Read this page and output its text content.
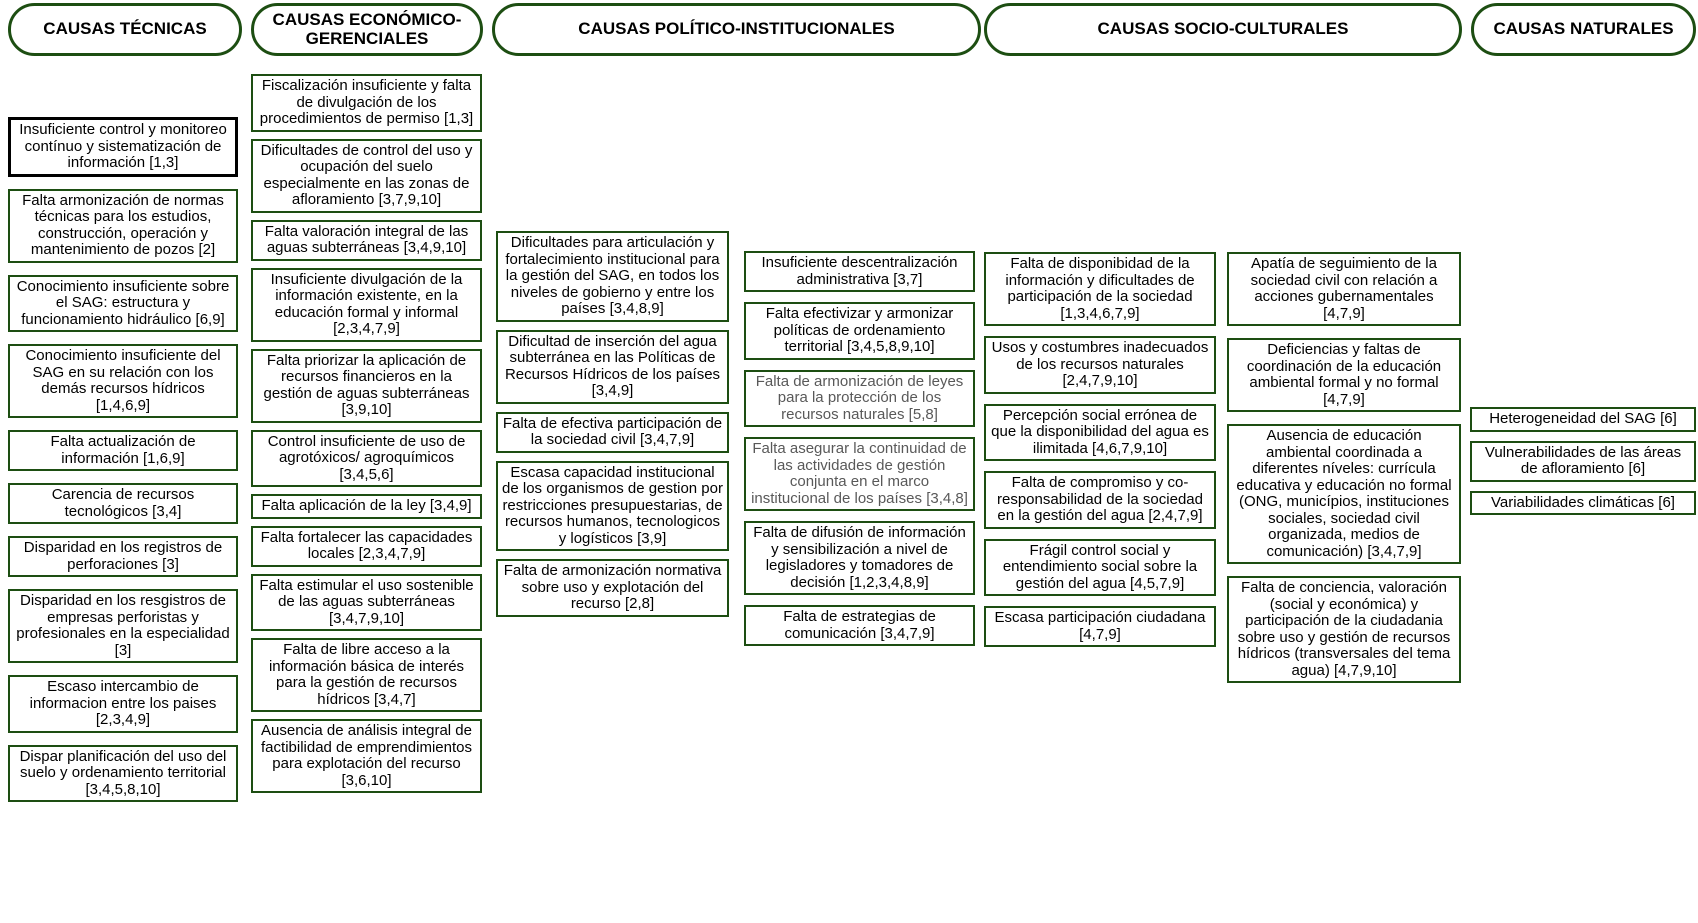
CAUSAS TÉCNICAS	CAUSAS ECONÓMICO-GERENCIALES	CAUSAS POLÍTICO-INSTITUCIONALES	CAUSAS SOCIO-CULTURALES	CAUSAS NATURALES
Insuficiente control y monitoreo contínuo y sistematización de información [1,3]
Falta armonización de normas técnicas para los estudios, construcción, operación y mantenimiento de pozos [2]
Conocimiento insuficiente sobre el SAG: estructura y funcionamiento hidráulico [6,9]
Conocimiento insuficiente del SAG en su relación con los demás recursos hídricos [1,4,6,9]
Falta actualización de información [1,6,9]
Carencia de recursos tecnológicos [3,4]
Disparidad en los registros de perforaciones [3]
Disparidad en los resgistros de empresas perforistas y profesionales en la especialidad [3]
Escaso intercambio de informacion entre los paises [2,3,4,9]
Dispar planificación del uso del suelo y ordenamiento territorial [3,4,5,8,10]
Fiscalización insuficiente y falta de divulgación de los procedimientos de permiso [1,3]
Dificultades de control del uso y ocupación del suelo especialmente en las zonas de afloramiento [3,7,9,10]
Falta valoración integral de las aguas subterráneas [3,4,9,10]
Insuficiente divulgación de la información existente, en la educación formal y informal [2,3,4,7,9]
Falta priorizar la aplicación de recursos financieros en la gestión de aguas subterráneas [3,9,10]
Control insuficiente de uso de agrotóxicos/ agroquímicos [3,4,5,6]
Falta aplicación de la ley [3,4,9]
Falta fortalecer las capacidades locales [2,3,4,7,9]
Falta estimular el uso sostenible de las aguas subterráneas [3,4,7,9,10]
Falta de libre acceso a la información básica de interés para la gestión de recursos hídricos [3,4,7]
Ausencia de análisis integral de factibilidad de emprendimientos para explotación del recurso [3,6,10]
Dificultades para articulación y fortalecimiento institucional para la gestión del SAG, en todos los niveles de gobierno y entre los países [3,4,8,9]
Dificultad de inserción del agua subterránea en las Políticas de Recursos Hídricos de los países [3,4,9]
Falta de efectiva participación de la sociedad civil [3,4,7,9]
Escasa capacidad institucional de los organismos de gestion por restricciones presupuestarias, de recursos humanos, tecnologicos y logísticos [3,9]
Falta de armonización normativa sobre uso y explotación del recurso [2,8]
Insuficiente descentralización administrativa [3,7]
Falta efectivizar y armonizar políticas de ordenamiento territorial [3,4,5,8,9,10]
Falta de armonización de leyes para la protección de los recursos naturales [5,8]
Falta asegurar la continuidad de las actividades de gestión conjunta en el marco institucional de los países [3,4,8]
Falta de difusión de información y sensibilización a nivel de legisladores y tomadores de decisión [1,2,3,4,8,9]
Falta de estrategias de comunicación [3,4,7,9]
Falta de disponibidad de la información y dificultades de participación de la sociedad [1,3,4,6,7,9]
Usos y costumbres inadecuados de los recursos naturales [2,4,7,9,10]
Percepción social errónea de que la disponibilidad del agua es ilimitada [4,6,7,9,10]
Falta de compromiso y co-responsabilidad de la sociedad en la gestión del agua [2,4,7,9]
Frágil control social y entendimiento social sobre la gestión del agua [4,5,7,9]
Escasa participación ciudadana [4,7,9]
Apatía de seguimiento de la sociedad civil con relación a acciones gubernamentales [4,7,9]
Deficiencias y faltas de coordinación de la educación ambiental formal y no formal [4,7,9]
Ausencia de educación ambiental coordinada a diferentes níveles: currícula educativa y educación no formal (ONG, municípios, instituciones sociales, sociedad civil organizada, medios de comunicación) [3,4,7,9]
Falta de conciencia, valoración (social y económica) y participación de la ciudadania sobre uso y gestión de recursos hídricos (transversales del tema agua) [4,7,9,10]
Heterogeneidad del SAG [6]
Vulnerabilidades de las áreas de afloramiento [6]
Variabilidades climáticas [6]
